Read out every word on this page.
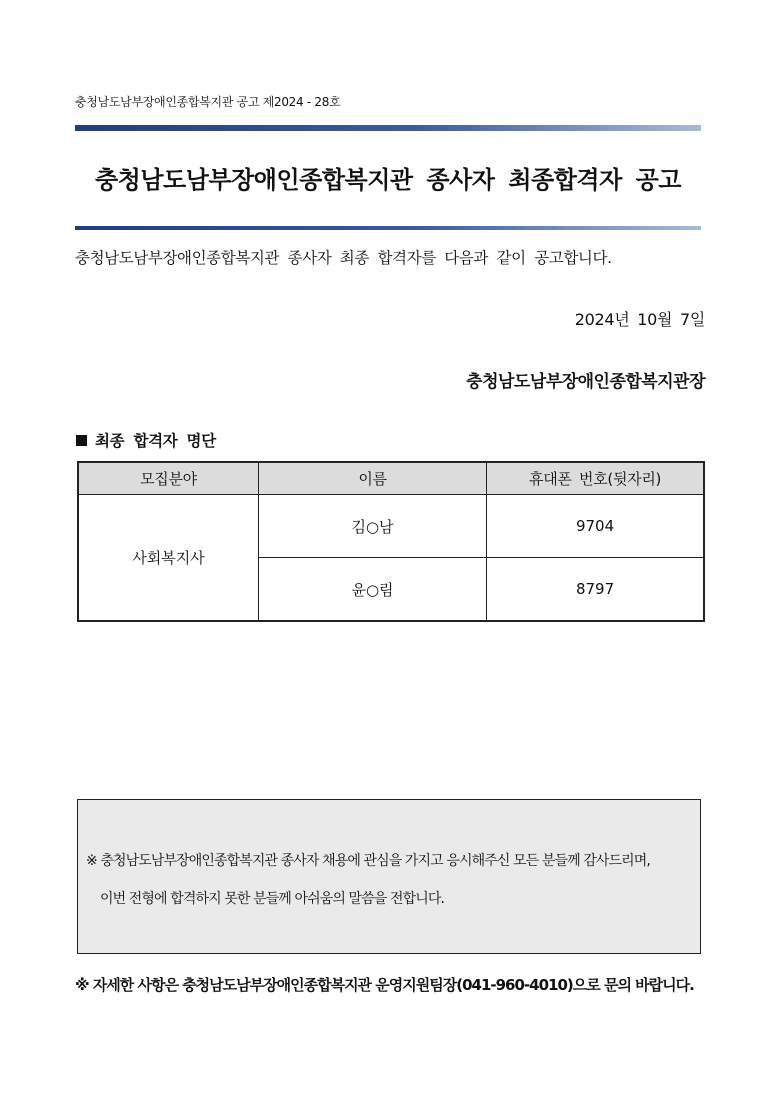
충청남도남부장애인종합복지관 공고 제2024 - 28호
충청남도남부장애인종합복지관 종사자 최종합격자 공고
충청남도남부장애인종합복지관 종사자 최종 합격자를 다음과 같이 공고합니다.
2024년 10월 7일
충청남도남부장애인종합복지관장
최종 합격자 명단
모집분야	이름	휴대폰 번호(뒷자리)
사회복지사	김○남	9704
	윤○림	8797
※ 충청남도남부장애인종합복지관 종사자 채용에 관심을 가지고 응시해주신 모든 분들께 감사드리며,
이번 전형에 합격하지 못한 분들께 아쉬움의 말씀을 전합니다.
※ 자세한 사항은 충청남도남부장애인종합복지관 운영지원팀장(041-960-4010)으로 문의 바랍니다.
